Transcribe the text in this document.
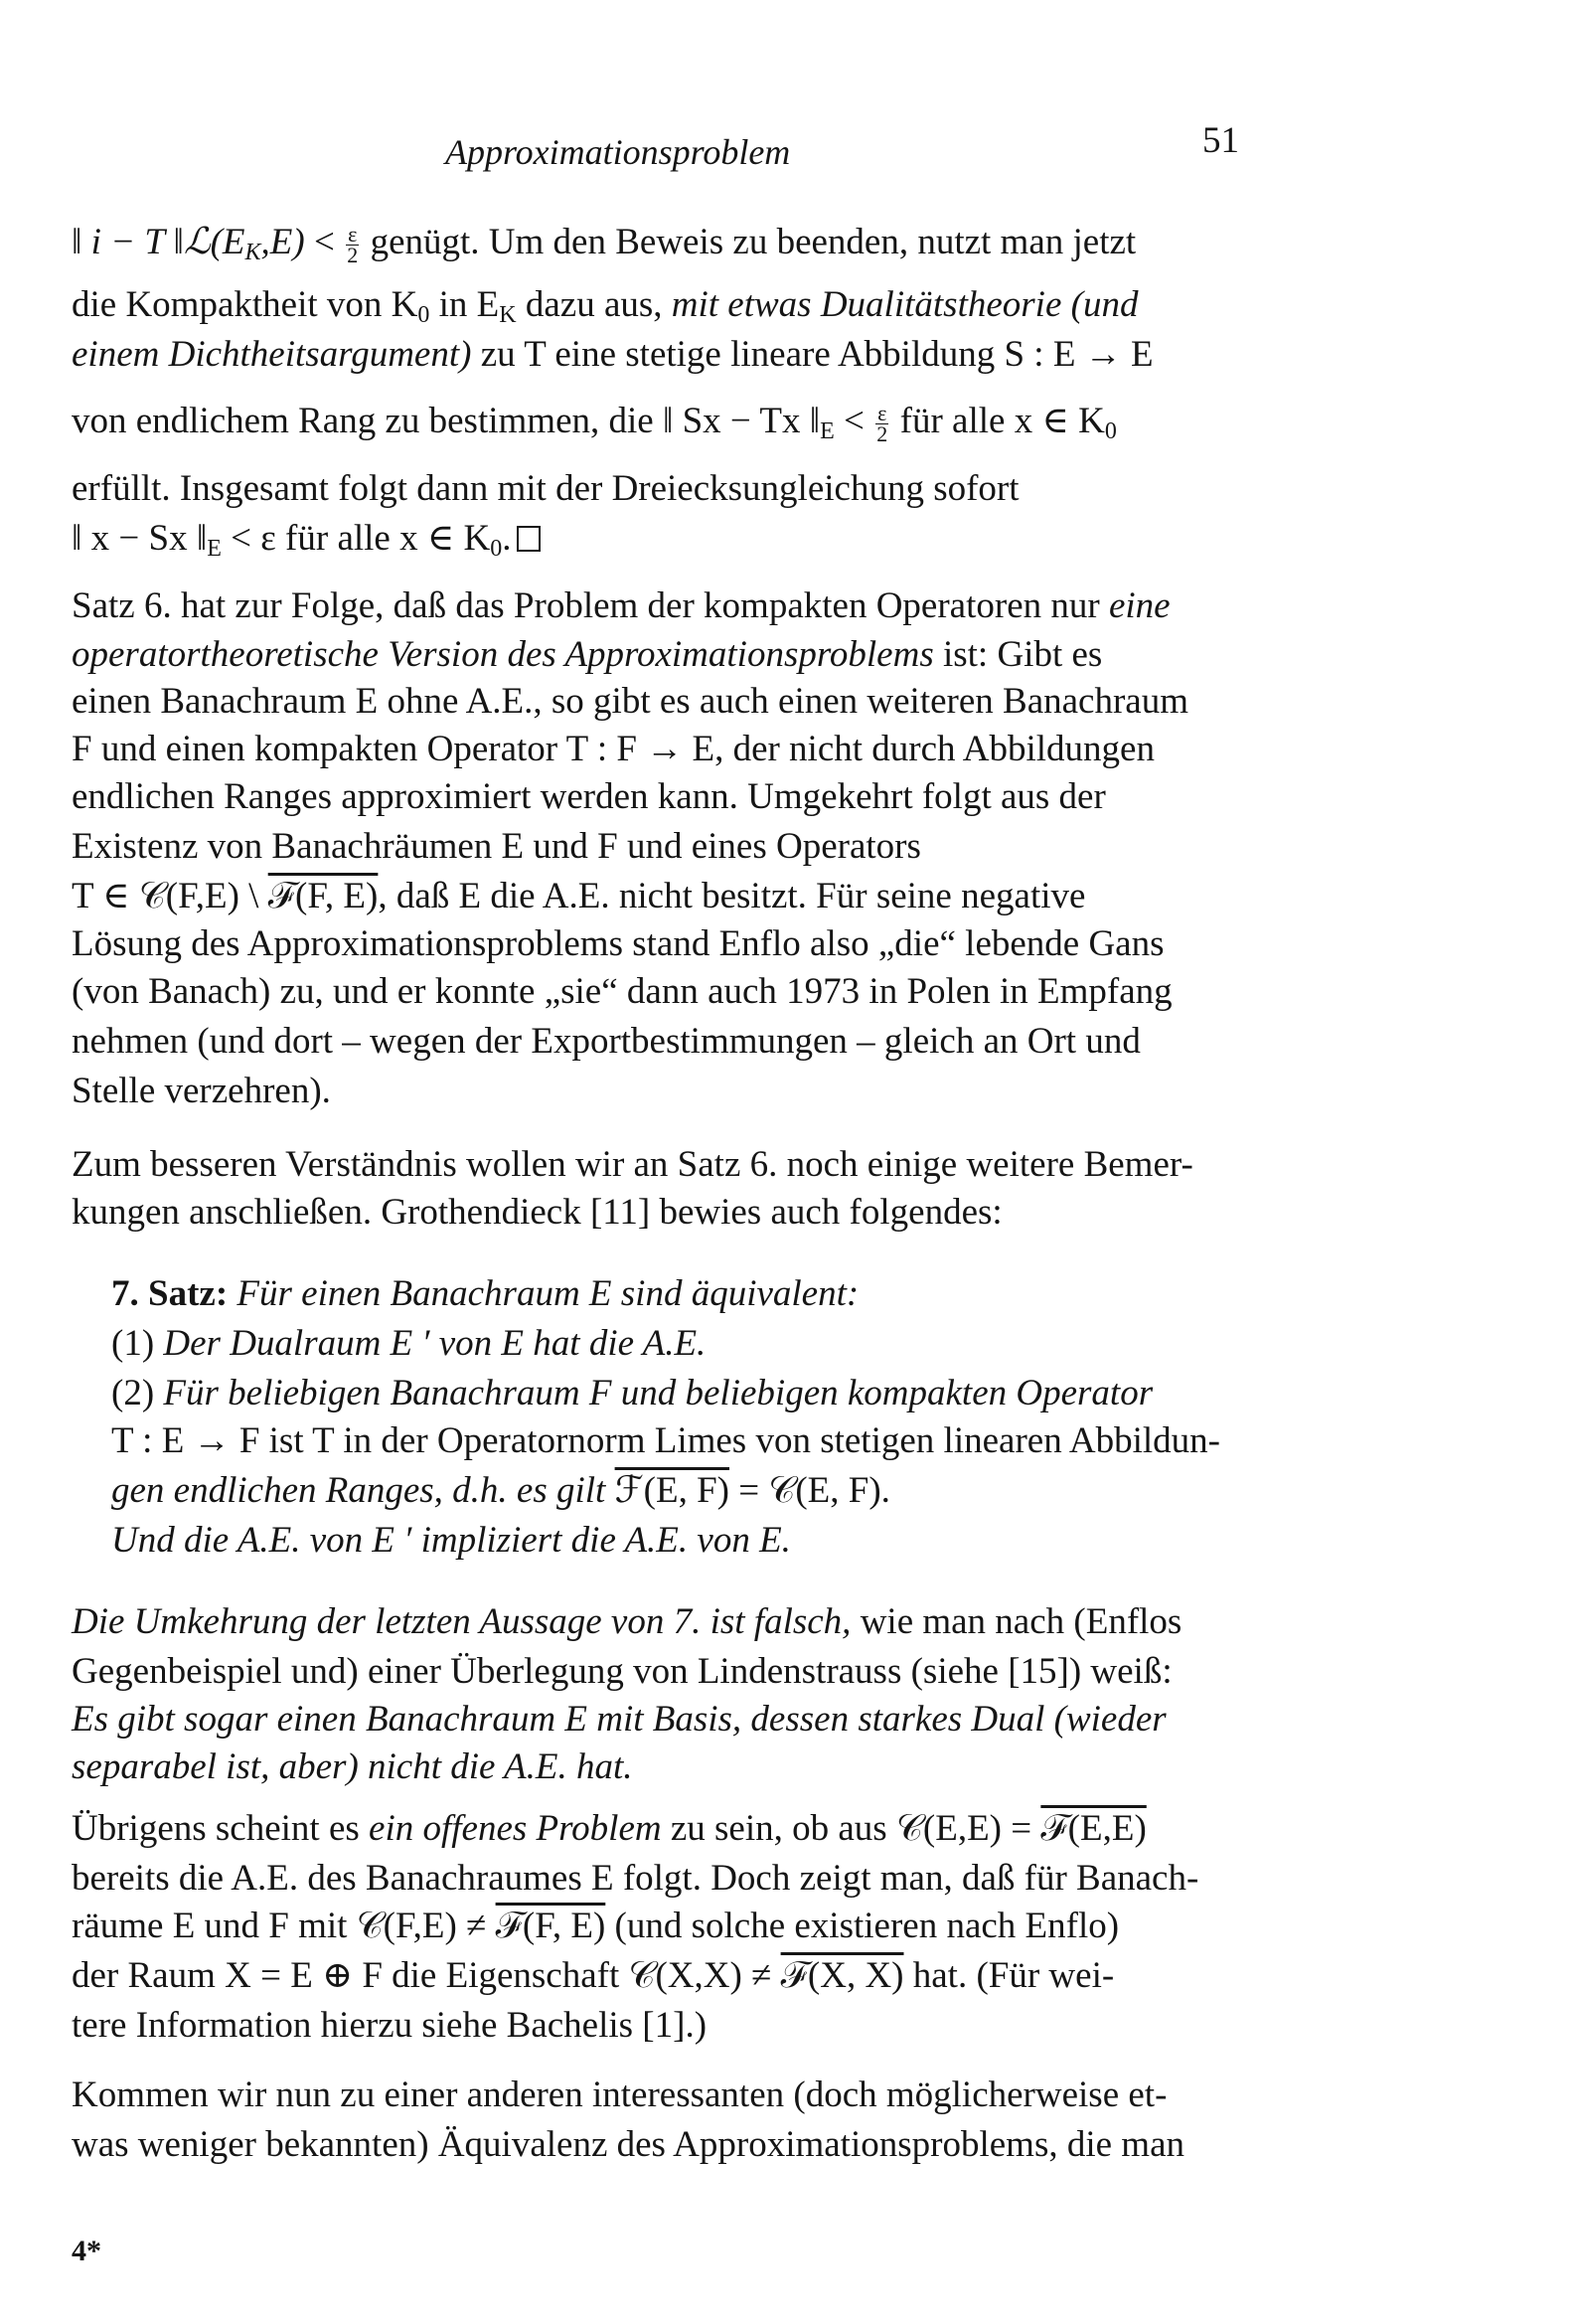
Approximationsproblem	51
‖ i − T $‖ℒ(E_K,E) < \frac{\varepsilon}{2}$ genügt. Um den Beweis zu beenden, nutzt man jetzt
die Kompaktheit von $K_0$ in $E_K$ dazu aus, mit etwas Dualitätstheorie (und
einem Dichtheitsargument) zu T eine stetige lineare Abbildung S : E → E
von endlichem Rang zu bestimmen, die ‖ Sx − Tx $‖_E < \frac{\varepsilon}{2}$ für alle x ∈ $K_0$
erfüllt. Insgesamt folgt dann mit der Dreiecksungleichung sofort
‖ x − Sx $‖_E < \varepsilon$ für alle x ∈ $K_0$.
Satz 6. hat zur Folge, daß das Problem der kompakten Operatoren nur eine
operatortheoretische Version des Approximationsproblems ist: Gibt es
einen Banachraum E ohne A.E., so gibt es auch einen weiteren Banachraum
F und einen kompakten Operator T : F → E, der nicht durch Abbildungen
endlichen Ranges approximiert werden kann. Umgekehrt folgt aus der
Existenz von Banachräumen E und F und eines Operators
T ∈ 𝒞(F,E) \ ℱ(F, E), daß E die A.E. nicht besitzt. Für seine negative
Lösung des Approximationsproblems stand Enflo also „die“ lebende Gans
(von Banach) zu, und er konnte „sie“ dann auch 1973 in Polen in Empfang
nehmen (und dort – wegen der Exportbestimmungen – gleich an Ort und
Stelle verzehren).
Zum besseren Verständnis wollen wir an Satz 6. noch einige weitere Bemer-
kungen anschließen. Grothendieck [11] bewies auch folgendes:
7. Satz: Für einen Banachraum E sind äquivalent:
(1) Der Dualraum E ′ von E hat die A.E.
(2) Für beliebigen Banachraum F und beliebigen kompakten Operator
T : E → F ist T in der Operatornorm Limes von stetigen linearen Abbildun-
gen endlichen Ranges, d.h. es gilt ℱ(E, F) = 𝒞(E, F).
Und die A.E. von E ′ impliziert die A.E. von E.
Die Umkehrung der letzten Aussage von 7. ist falsch, wie man nach (Enflos
Gegenbeispiel und) einer Überlegung von Lindenstrauss (siehe [15]) weiß:
Es gibt sogar einen Banachraum E mit Basis, dessen starkes Dual (wieder
separabel ist, aber) nicht die A.E. hat.
Übrigens scheint es ein offenes Problem zu sein, ob aus 𝒞(E,E) = ℱ(E,E)
bereits die A.E. des Banachraumes E folgt. Doch zeigt man, daß für Banach-
räume E und F mit 𝒞(F,E) ≠ ℱ(F, E) (und solche existieren nach Enflo)
der Raum X = E ⊕ F die Eigenschaft 𝒞(X,X) ≠ ℱ(X, X) hat. (Für wei-
tere Information hierzu siehe Bachelis [1].)
Kommen wir nun zu einer anderen interessanten (doch möglicherweise et-
was weniger bekannten) Äquivalenz des Approximationsproblems, die man
4*
